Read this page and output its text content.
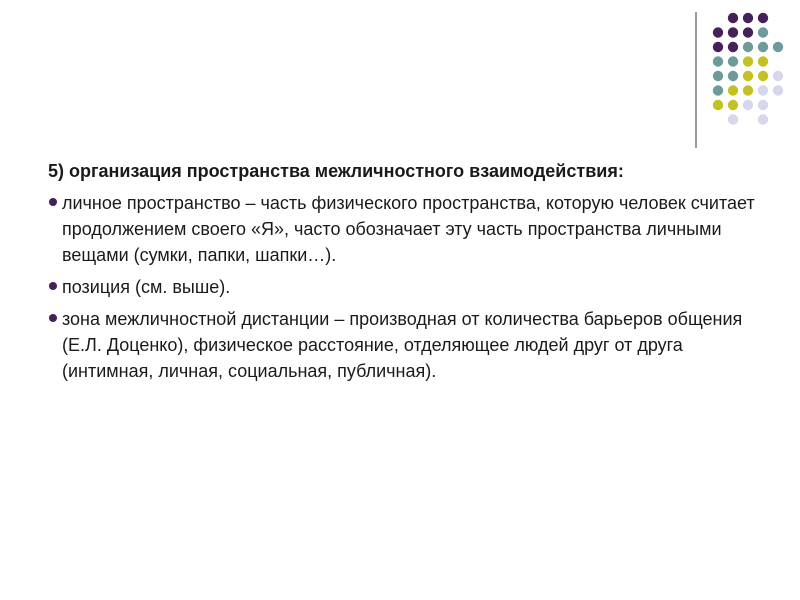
5) организация пространства межличностного взаимодействия:
личное пространство – часть физического пространства, которую человек считает продолжением своего «Я», часто обозначает эту часть пространства личными вещами (сумки, папки, шапки…).
позиция (см. выше).
зона межличностной дистанции – производная от количества барьеров общения (Е.Л. Доценко), физическое расстояние, отделяющее людей друг от друга (интимная, личная, социальная, публичная).
